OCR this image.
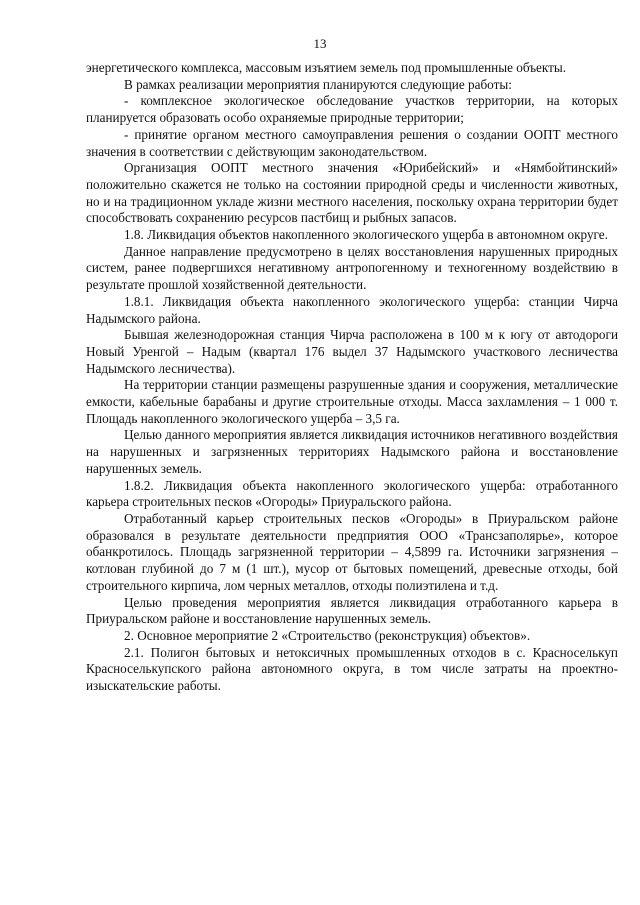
13

энергетического комплекса, массовым изъятием земель под промышленные объекты.

В рамках реализации мероприятия планируются следующие работы:

- комплексное экологическое обследование участков территории, на которых планируется образовать особо охраняемые природные территории;

- принятие органом местного самоуправления решения о создании ООПТ местного значения в соответствии с действующим законодательством.

Организация ООПТ местного значения «Юрибейский» и «Нямбойтинский» положительно скажется не только на состоянии природной среды и численности животных, но и на традиционном укладе жизни местного населения, поскольку охрана территории будет способствовать сохранению ресурсов пастбищ и рыбных запасов.

1.8. Ликвидация объектов накопленного экологического ущерба в автономном округе.

Данное направление предусмотрено в целях восстановления нарушенных природных систем, ранее подвергшихся негативному антропогенному и техногенному воздействию в результате прошлой хозяйственной деятельности.

1.8.1. Ликвидация объекта накопленного экологического ущерба: станции Чирча Надымского района.

Бывшая железнодорожная станция Чирча расположена в 100 м к югу от автодороги Новый Уренгой – Надым (квартал 176 выдел 37 Надымского участкового лесничества Надымского лесничества).

На территории станции размещены разрушенные здания и сооружения, металлические емкости, кабельные барабаны и другие строительные отходы. Масса захламления – 1 000 т. Площадь накопленного экологического ущерба – 3,5 га.

Целью данного мероприятия является ликвидация источников негативного воздействия на нарушенных и загрязненных территориях Надымского района и восстановление нарушенных земель.

1.8.2. Ликвидация объекта накопленного экологического ущерба: отработанного карьера строительных песков «Огороды» Приуральского района.

Отработанный карьер строительных песков «Огороды» в Приуральском районе образовался в результате деятельности предприятия ООО «Трансзаполярье», которое обанкротилось. Площадь загрязненной территории – 4,5899 га. Источники загрязнения – котлован глубиной до 7 м (1 шт.), мусор от бытовых помещений, древесные отходы, бой строительного кирпича, лом черных металлов, отходы полиэтилена и т.д.

Целью проведения мероприятия является ликвидация отработанного карьера в Приуральском районе и восстановление нарушенных земель.

2. Основное мероприятие 2 «Строительство (реконструкция) объектов».

2.1. Полигон бытовых и нетоксичных промышленных отходов в с. Красноселькуп Красноселькупского района автономного округа, в том числе затраты на проектно-изыскательские работы.
